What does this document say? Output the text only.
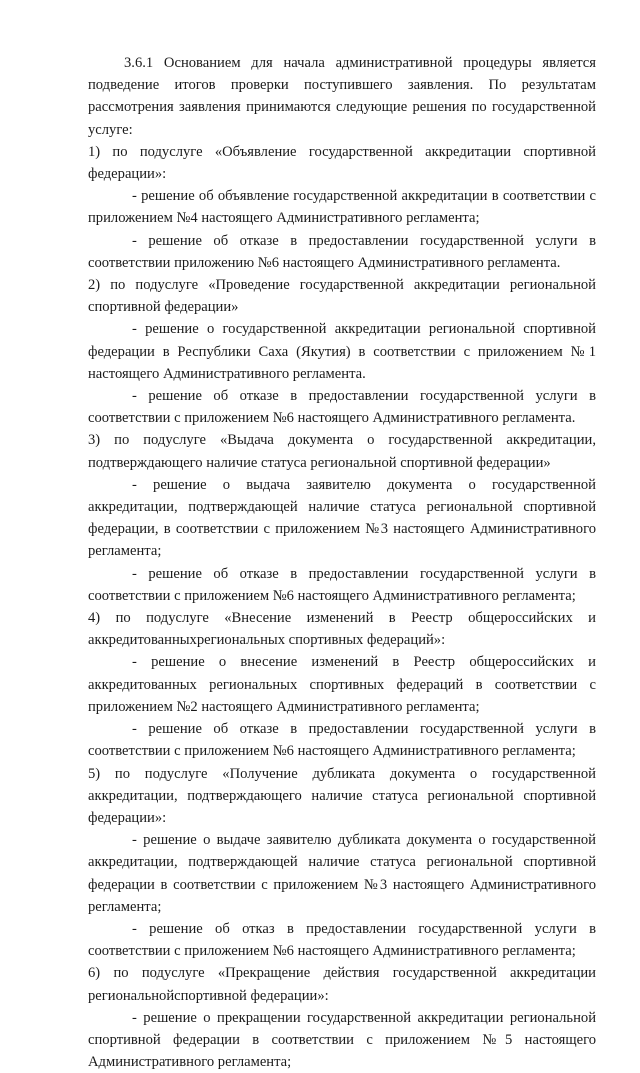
3.6.1 Основанием для начала административной процедуры является подведение итогов проверки поступившего заявления. По результатам рассмотрения заявления принимаются следующие решения по государственной услуге:

1) по подуслуге «Объявление государственной аккредитации спортивной федерации»:

- решение об объявление государственной аккредитации в соответствии с приложением №4 настоящего Административного регламента;

- решение об отказе в предоставлении государственной услуги в соответствии приложению №6 настоящего Административного регламента.

2) по подуслуге «Проведение государственной аккредитации региональной спортивной федерации»

- решение о государственной аккредитации региональной спортивной федерации в Республики Саха (Якутия) в соответствии с приложением №1 настоящего Административного регламента.

- решение об отказе в предоставлении государственной услуги в соответствии с приложением №6 настоящего Административного регламента.

3) по подуслуге «Выдача документа о государственной аккредитации, подтверждающего наличие статуса региональной спортивной федерации»

- решение о выдача заявителю документа о государственной аккредитации, подтверждающей наличие статуса региональной спортивной федерации, в соответствии с приложением №3 настоящего Административного регламента;

- решение об отказе в предоставлении государственной услуги в соответствии с приложением №6 настоящего Административного регламента;

4) по подуслуге «Внесение изменений в Реестр общероссийских и аккредитованныхрегиональных спортивных федераций»:

- решение о внесение изменений в Реестр общероссийских и аккредитованных региональных спортивных федераций в соответствии с приложением №2 настоящего Административного регламента;

- решение об отказе в предоставлении государственной услуги в соответствии с приложением №6 настоящего Административного регламента;

5) по подуслуге «Получение дубликата документа о государственной аккредитации, подтверждающего наличие статуса региональной спортивной федерации»:

- решение о выдаче заявителю дубликата документа о государственной аккредитации, подтверждающей наличие статуса региональной спортивной федерации в соответствии с приложением №3 настоящего Административного регламента;

- решение об отказ в предоставлении государственной услуги в соответствии с приложением №6 настоящего Административного регламента;

6) по подуслуге «Прекращение действия государственной аккредитации региональнойспортивной федерации»:

- решение о прекращении государственной аккредитации региональной спортивной федерации в соответствии с приложением №5 настоящего Административного регламента;
